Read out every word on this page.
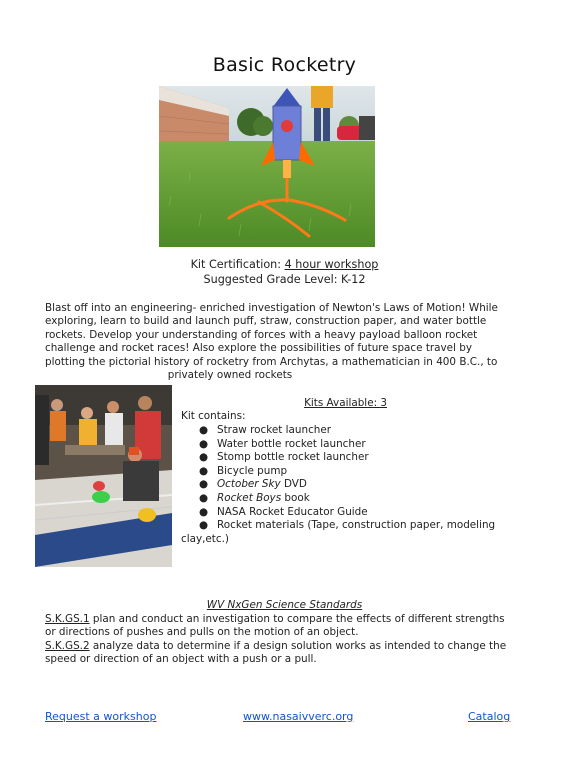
Basic Rocketry
Kit Certification: 4 hour workshop
Suggested Grade Level: K-12
Blast off into an engineering- enriched investigation of Newton's Laws of Motion! While exploring, learn to build and launch puff, straw, construction paper, and water bottle rockets. Develop your understanding of forces with a heavy payload balloon rocket challenge and rocket races! Also explore the possibilities of future space travel by plotting the pictorial history of rocketry from Archytas, a mathematician in 400 B.C., to
privately owned rockets
Kits Available: 3
Kit contains:
● Straw rocket launcher
● Water bottle rocket launcher
● Stomp bottle rocket launcher
● Bicycle pump
● October Sky DVD
● Rocket Boys book
● NASA Rocket Educator Guide
● Rocket materials (Tape, construction paper, modeling
clay,etc.)
WV NxGen Science Standards
S.K.GS.1 plan and conduct an investigation to compare the effects of different strengths or directions of pushes and pulls on the motion of an object.
S.K.GS.2 analyze data to determine if a design solution works as intended to change the speed or direction of an object with a push or a pull.
Request a workshop	www.nasaiv​verc.org	Catalog
